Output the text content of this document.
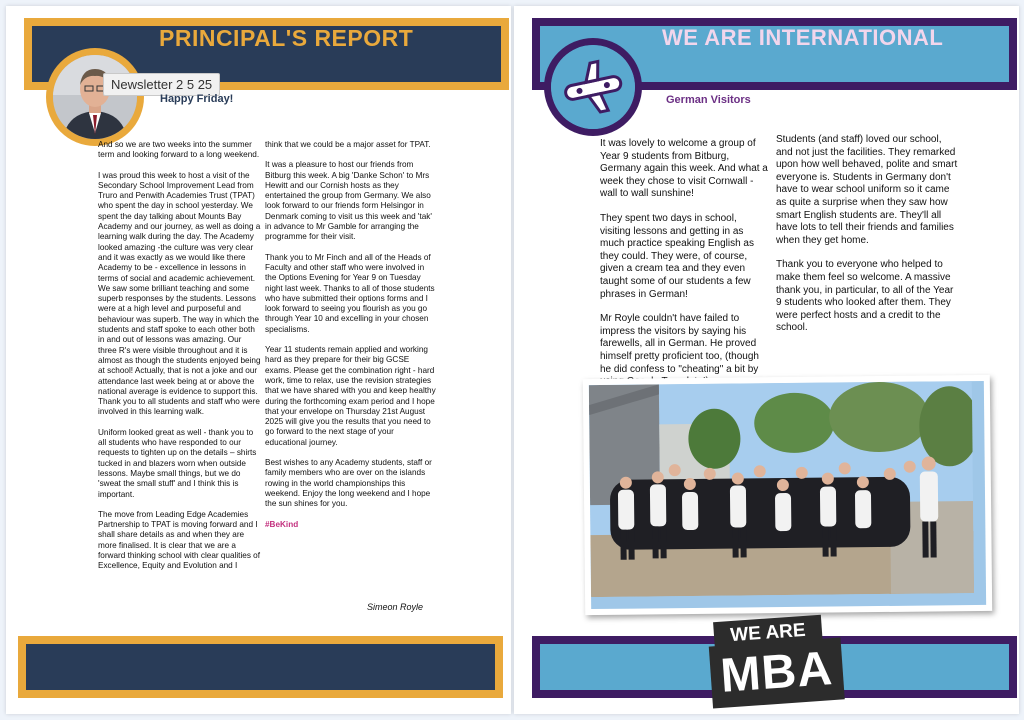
PRINCIPAL'S REPORT
Newsletter 2 5 25
Happy Friday!

And so we are two weeks into the summer term and looking forward to a long weekend.

I was proud this week to host a visit of the Secondary School Improvement Lead from Truro and Penwith Academies Trust (TPAT) who spent the day in school yesterday. We spent the day talking about Mounts Bay Academy and our journey, as well as doing a learning walk during the day. The Academy looked amazing -the culture was very clear and it was exactly as we would like there Academy to be - excellence in lessons in terms of social and academic achievement. We saw some brilliant teaching and some superb responses by the students. Lessons were at a high level and purposeful and behaviour was superb. The way in which the students and staff spoke to each other both in and out of lessons was amazing. Our three R's were visible throughout and it is almost as though the students enjoyed being at school! Actually, that is not a joke and our attendance last week being at or above the national average is evidence to support this. Thank you to all students and staff who were involved in this learning walk.

Uniform looked great as well - thank you to all students who have responded to our requests to tighten up on the details – shirts tucked in and blazers worn when outside lessons. Maybe small things, but we do 'sweat the small stuff' and I think this is important.

The move from Leading Edge Academies Partnership to TPAT is moving forward and I shall share details as and when they are more finalised. It is clear that we are a forward thinking school with clear qualities of Excellence, Equity and Evolution and I

think that we could be a major asset for TPAT.

It was a pleasure to host our friends from Bitburg this week. A big 'Danke Schon' to Mrs Hewitt and our Cornish hosts as they entertained the group from Germany. We also look forward to our friends form Helsingor in Denmark coming to visit us this week and 'tak' in advance to Mr Gamble for arranging the programme for their visit.

Thank you to Mr Finch and all of the Heads of Faculty and other staff who were involved in the Options Evening for Year 9 on Tuesday night last week. Thanks to all of those students who have submitted their options forms and I look forward to seeing you flourish as you go through Year 10 and excelling in your chosen specialisms.

Year 11 students remain applied and working hard as they prepare for their big GCSE exams. Please get the combination right - hard work, time to relax, use the revision strategies that we have shared with you and keep healthy during the forthcoming exam period and I hope that your envelope on Thursday 21st August 2025 will give you the results that you need to go forward to the next stage of your educational journey.

Best wishes to any Academy students, staff or family members who are over on the islands rowing in the world championships this weekend. Enjoy the long weekend and I hope the sun shines for you.

#BeKind

Simeon Royle
WE ARE INTERNATIONAL
German Visitors

It was lovely to welcome a group of Year 9 students from Bitburg, Germany again this week. And what a week they chose to visit Cornwall - wall to wall sunshine!

They spent two days in school, visiting lessons and getting in as much practice speaking English as they could. They were, of course, given a cream tea and they even taught some of our students a few phrases in German!

Mr Royle couldn't have failed to impress the visitors by saying his farewells, all in German. He proved himself pretty proficient too, (though he did confess to "cheating" a bit by

Students (and staff) loved our school, and not just the facilities. They remarked upon how well behaved, polite and smart everyone is. Students in Germany don't have to wear school uniform so it came as quite a surprise when they saw how smart English students are. They'll all have lots to tell their friends and families when they get home.

Thank you to everyone who helped to make them feel so welcome. A massive thank you, in particular, to all of the Year 9 students who looked after them. They were perfect hosts and a credit to the school.

WE ARE
MBA
